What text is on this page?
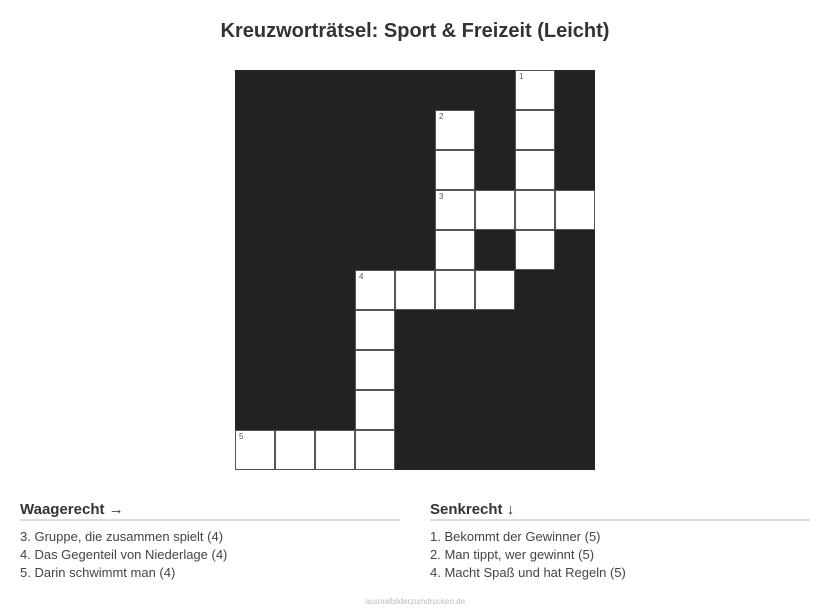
Kreuzworträtsel: Sport & Freizeit (Leicht)
1
2
3
4
5
Waagerecht →
3. Gruppe, die zusammen spielt (4)
4. Das Gegenteil von Niederlage (4)
5. Darin schwimmt man (4)
Senkrecht ↓
1. Bekommt der Gewinner (5)
2. Man tippt, wer gewinnt (5)
4. Macht Spaß und hat Regeln (5)
ausmalbilderzumdrucken.de
